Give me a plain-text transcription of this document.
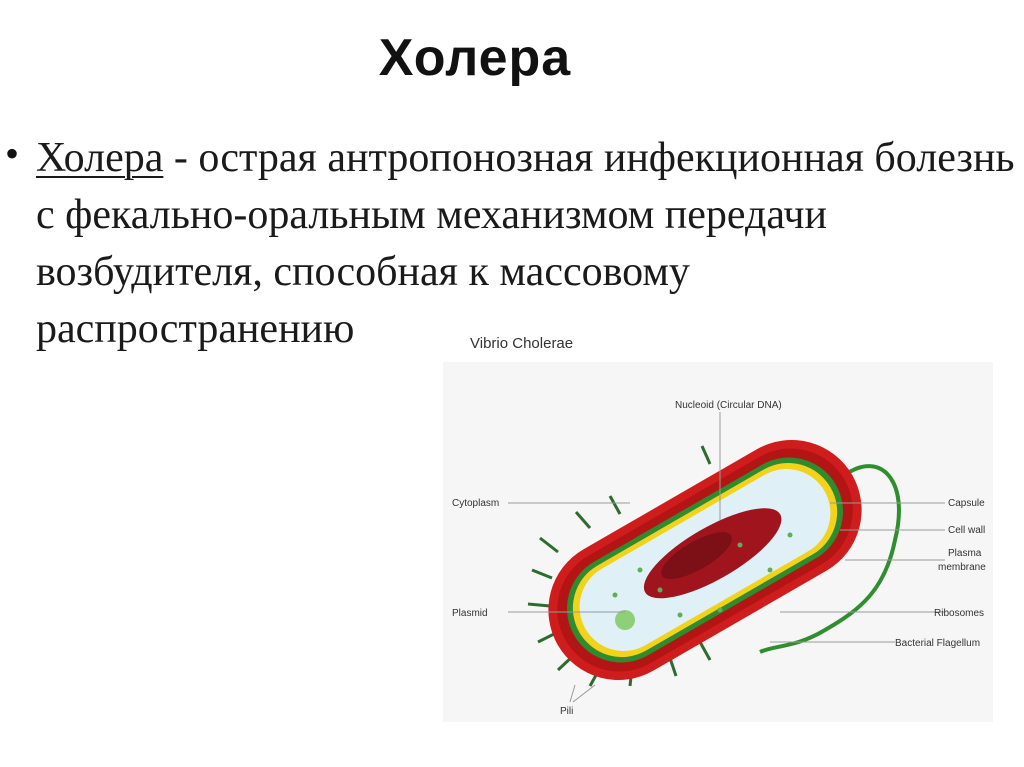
Холера
• Холера - острая антропонозная инфекционная болезнь с фекально-оральным механизмом передачи возбудителя, способная к массовому распространению	Vibrio Cholerae
Nucleoid (Circular DNA)
Cytoplasm
Plasmid
Pili
Capsule
Cell wall
Plasma
membrane
Ribosomes
Bacterial Flagellum
